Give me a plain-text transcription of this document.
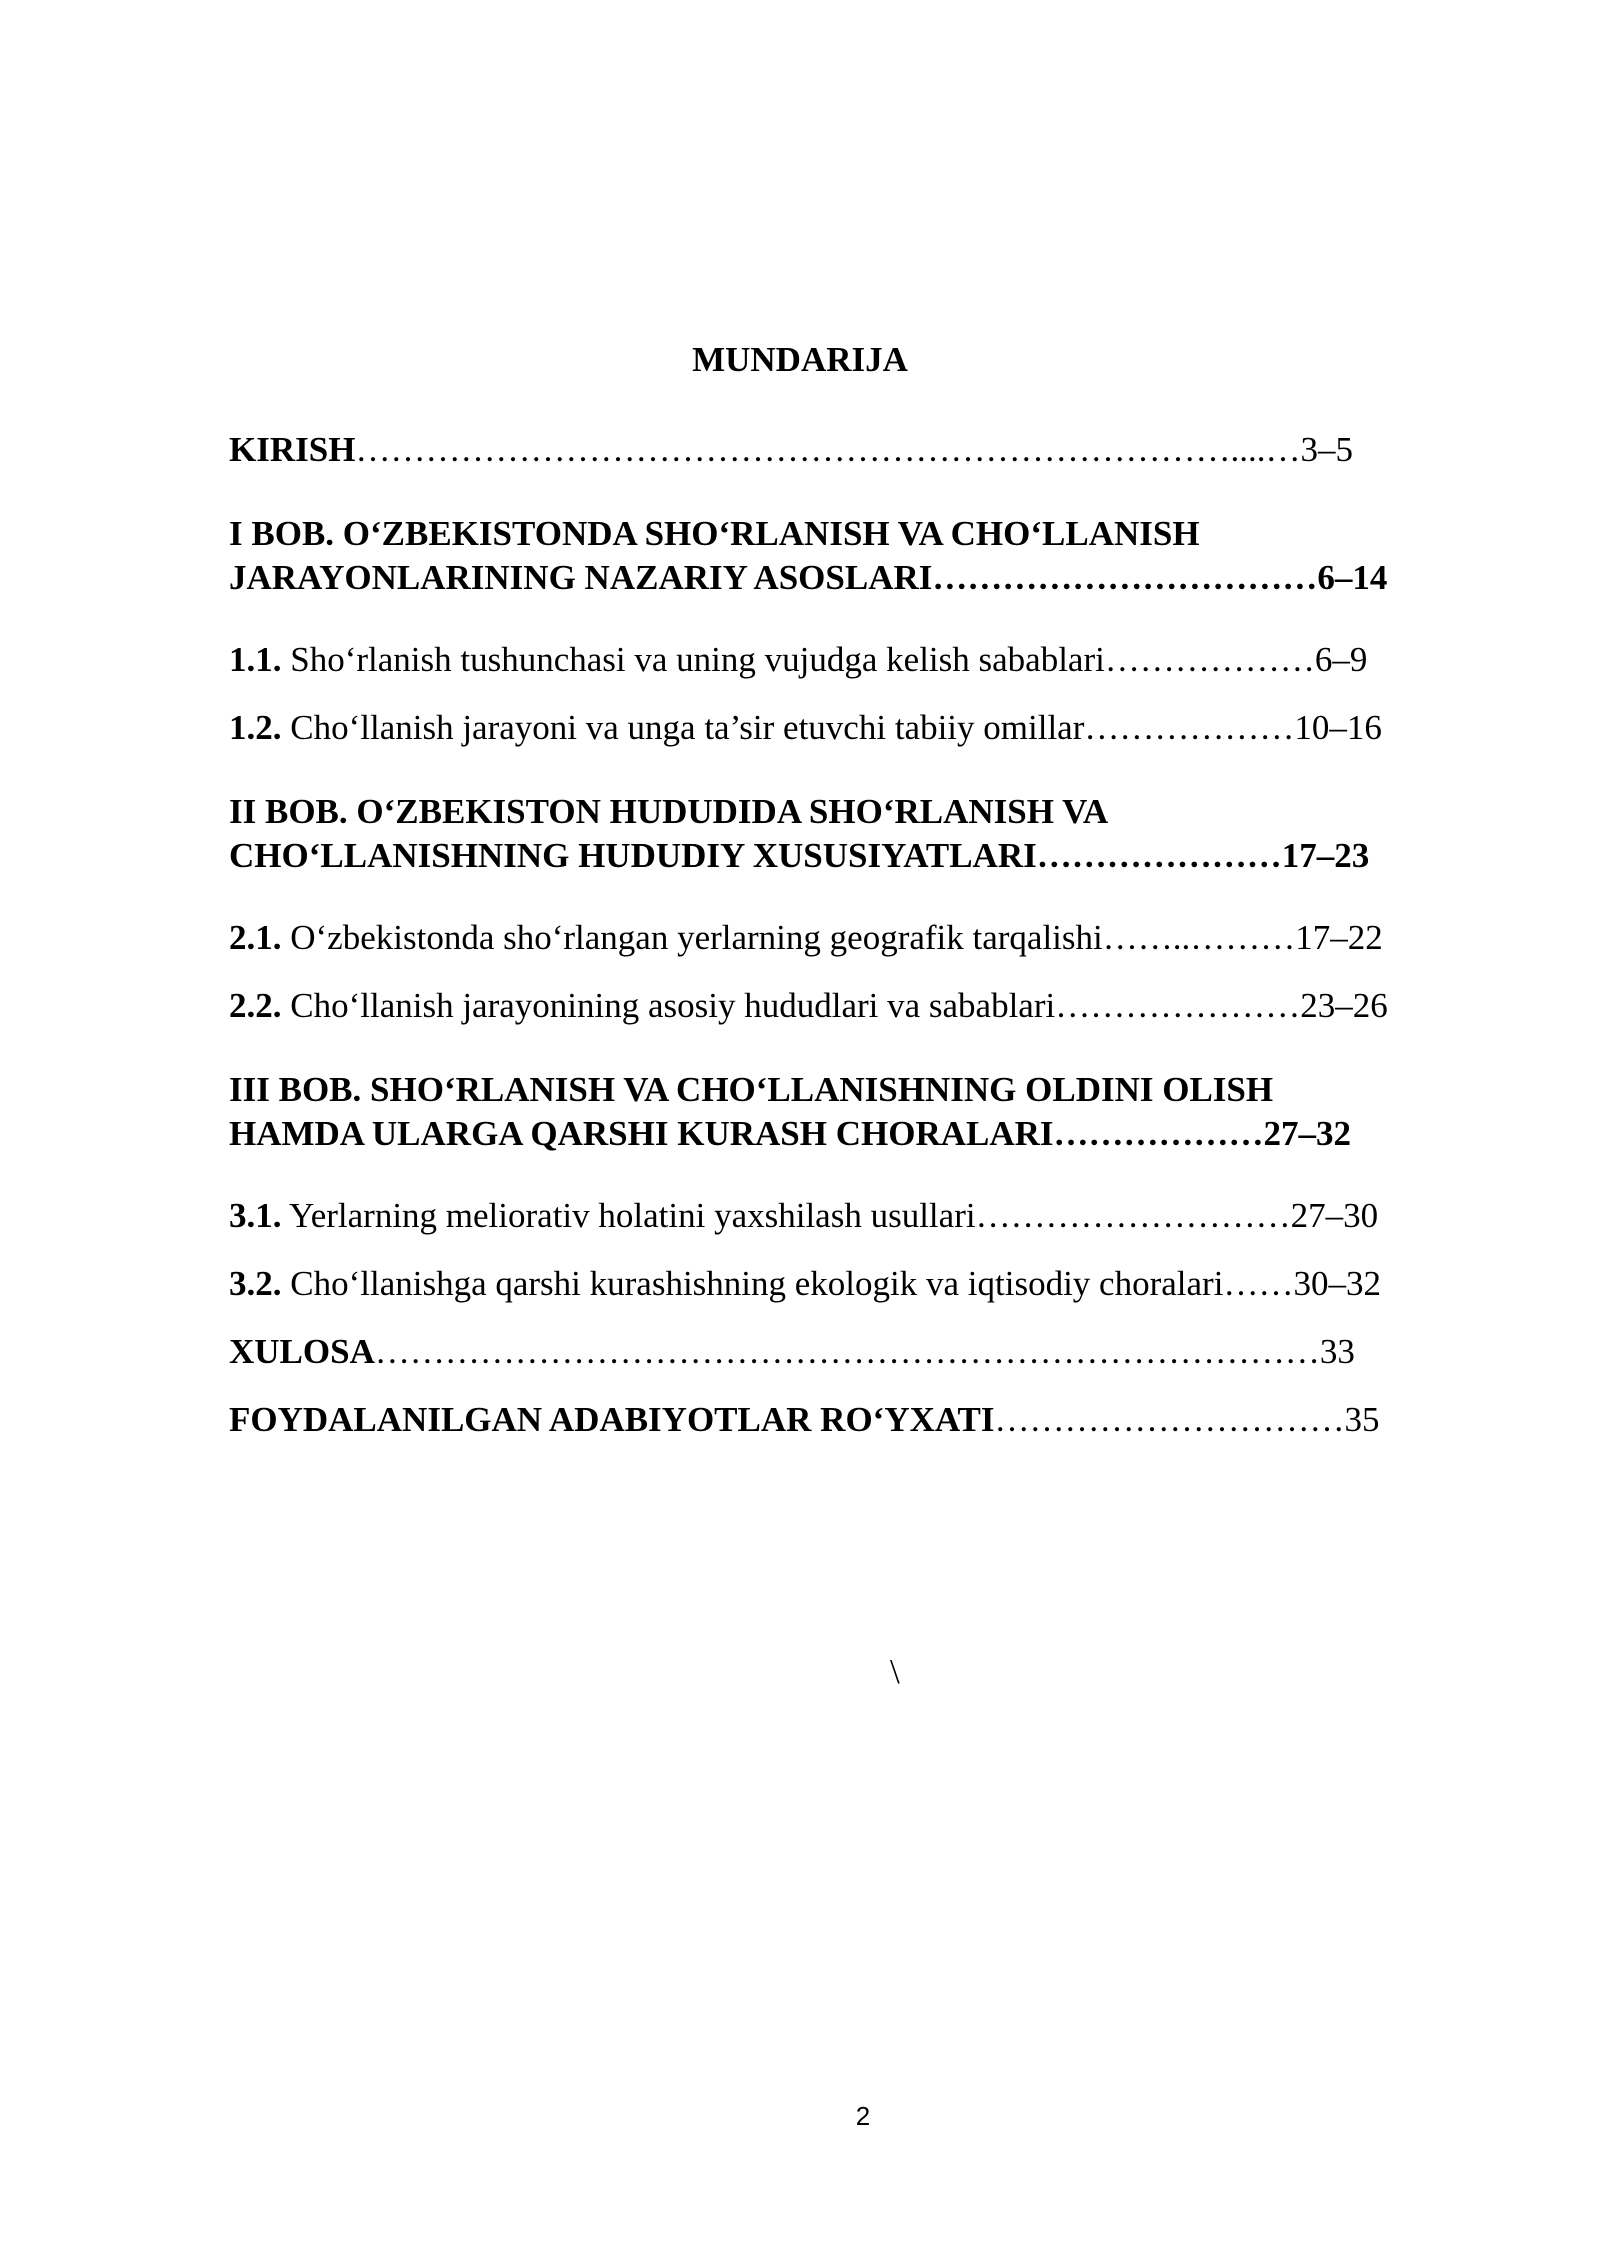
MUNDARIJA
KIRISH…………………………………………………………………....…3–5
I BOB. O‘ZBEKISTONDA SHO‘RLANISH VA CHO‘LLANISH
JARAYONLARINING NAZARIY ASOSLARI……………………………6–14
1.1. Sho‘rlanish tushunchasi va uning vujudga kelish sabablari………………6–9
1.2. Cho‘llanish jarayoni va unga ta’sir etuvchi tabiiy omillar………………10–16
II BOB. O‘ZBEKISTON HUDUDIDA SHO‘RLANISH VA
CHO‘LLANISHNING HUDUDIY XUSUSIYATLARI…………………17–23
2.1. O‘zbekistonda sho‘rlangan yerlarning geografik tarqalishi……..………17–22
2.2. Cho‘llanish jarayonining asosiy hududlari va sabablari…………………23–26
III BOB. SHO‘RLANISH VA CHO‘LLANISHNING OLDINI OLISH
HAMDA ULARGA QARSHI KURASH CHORALARI………………27–32
3.1. Yerlarning meliorativ holatini yaxshilash usullari………………………27–30
3.2. Cho‘llanishga qarshi kurashishning ekologik va iqtisodiy choralari……30–32
XULOSA………………………………………………………………………33
FOYDALANILGAN ADABIYOTLAR RO‘YXATI…………………………35
\
2
